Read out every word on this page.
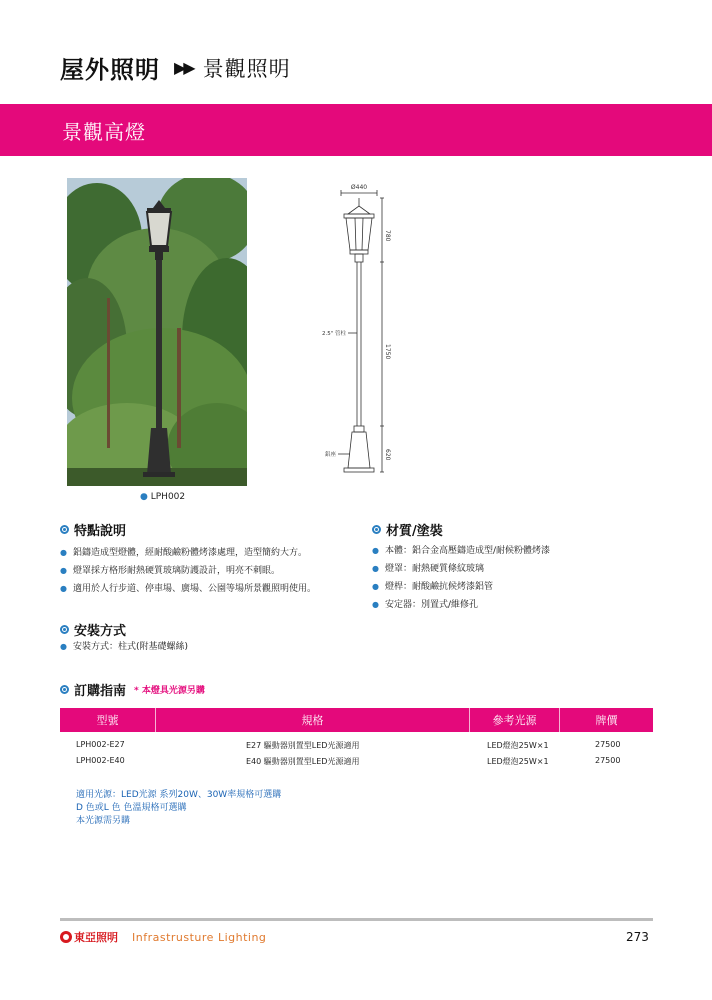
屋外照明 ▶▶ 景觀照明
景觀高燈
● LPH002
Ø440
780
1750
620
2.5" 管柱
鋁座
特點說明
● 鋁鑄造成型燈體，經耐酸鹼粉體烤漆處理，造型簡約大方。
● 燈罩採方格形耐熱硬質玻璃防護設計，明亮不刺眼。
● 適用於人行步道、停車場、廣場、公園等場所景觀照明使用。
材質/塗裝
● 本體：鋁合金高壓鑄造成型/耐候粉體烤漆
● 燈罩：耐熱硬質條紋玻璃
● 燈桿：耐酸鹼抗候烤漆鋁管
● 安定器：別置式/維修孔
安裝方式
● 安裝方式：柱式(附基礎螺絲)
訂購指南 * 本燈具光源另購
型號	規格	參考光源	牌價
LPH002-E27	E27 驅動器別置型LED光源適用	LED燈泡25W×1	27500
LPH002-E40	E40 驅動器別置型LED光源適用	LED燈泡25W×1	27500
適用光源：LED光源 系列20W、30W率規格可選購
D 色或L 色 色溫規格可選購
本光源需另購
東亞照明 Infrastrusture Lighting	273
